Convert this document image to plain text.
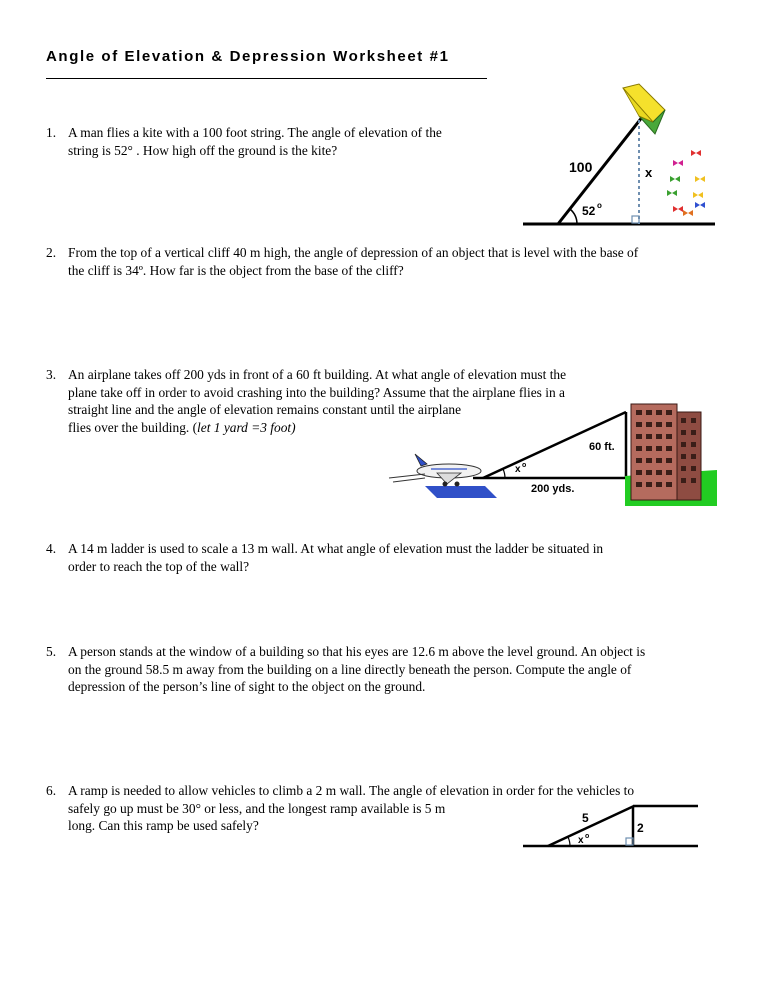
Angle of Elevation & Depression Worksheet #1
1. A man flies a kite with a 100 foot string. The angle of elevation of the
string is 52° . How high off the ground is the kite?
2. From the top of a vertical cliff 40 m high, the angle of depression of an object that is level with the base of
the cliff is 34º. How far is the object from the base of the cliff?
3. An airplane takes off 200 yds in front of a 60 ft building. At what angle of elevation must the
plane take off in order to avoid crashing into the building? Assume that the airplane flies in a
straight line and the angle of elevation remains constant until the airplane
flies over the building. (let 1 yard =3 foot)
4. A 14 m ladder is used to scale a 13 m wall. At what angle of elevation must the ladder be situated in
order to reach the top of the wall?
5. A person stands at the window of a building so that his eyes are 12.6 m above the level ground. An object is
on the ground 58.5 m away from the building on a line directly beneath the person. Compute the angle of
depression of the person’s line of sight to the object on the ground.
6. A ramp is needed to allow vehicles to climb a 2 m wall. The angle of elevation in order for the vehicles to
safely go up must be 30° or less, and the longest ramp available is 5 m
long. Can this ramp be used safely?
100	x
52 o
60 ft.
200 yds.
x o
5
2
x o
